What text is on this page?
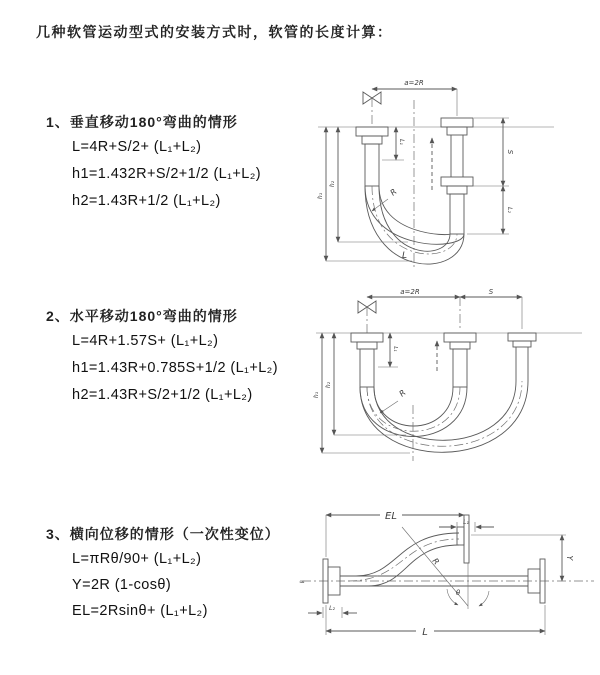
几种软管运动型式的安装方式时，软管的长度计算：
1、垂直移动180°弯曲的情形
L=4R+S/2+ (L₁+L₂)
h1=1.432R+S/2+1/2 (L₁+L₂)
h2=1.43R+1/2 (L₁+L₂)
2、水平移动180°弯曲的情形
L=4R+1.57S+ (L₁+L₂)
h1=1.43R+0.785S+1/2 (L₁+L₂)
h2=1.43R+S/2+1/2 (L₁+L₂)
3、横向位移的情形（一次性变位）
L=πRθ/90+ (L₁+L₂)
Y=2R (1-cosθ)
EL=2Rsinθ+ (L₁+L₂)
a=2R
L₁
S
L₂
h₁
h₂
R
L
a=2R	S
L₁
h₁
h₂
R
≈
EL
L₁
Y
R
θ
L₂
L
